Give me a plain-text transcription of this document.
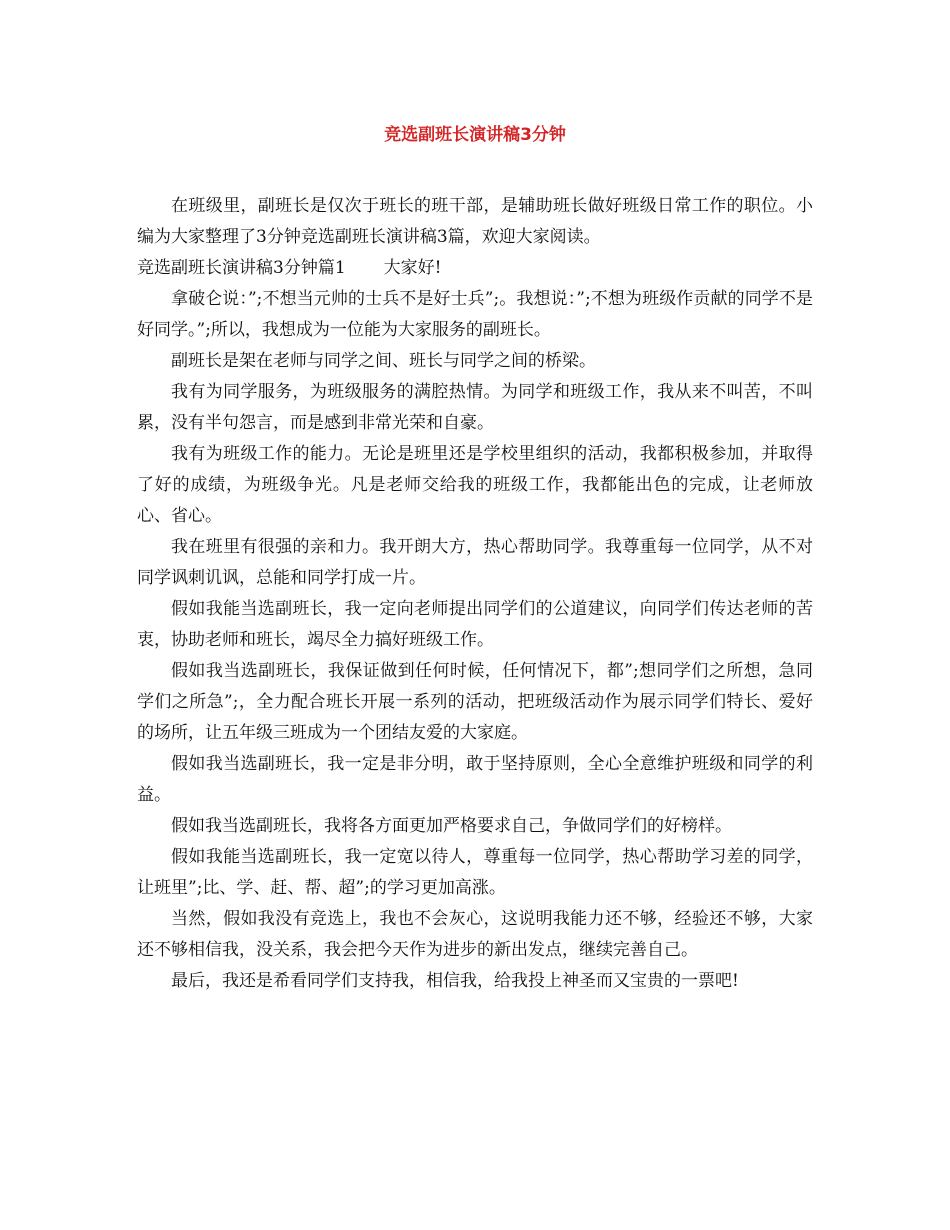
竞选副班长演讲稿3分钟

在班级里，副班长是仅次于班长的班干部，是辅助班长做好班级日常工作的职位。小编为大家整理了3分钟竞选副班长演讲稿3篇，欢迎大家阅读。

竞选副班长演讲稿3分钟篇1 大家好!

拿破仑说：”;不想当元帅的士兵不是好士兵”;。我想说：”;不想为班级作贡献的同学不是好同学。”;所以，我想成为一位能为大家服务的副班长。

副班长是架在老师与同学之间、班长与同学之间的桥梁。

我有为同学服务，为班级服务的满腔热情。为同学和班级工作，我从来不叫苦，不叫累，没有半句怨言，而是感到非常光荣和自豪。

我有为班级工作的能力。无论是班里还是学校里组织的活动，我都积极参加，并取得了好的成绩，为班级争光。凡是老师交给我的班级工作，我都能出色的完成，让老师放心、省心。

我在班里有很强的亲和力。我开朗大方，热心帮助同学。我尊重每一位同学，从不对同学讽刺讥讽，总能和同学打成一片。

假如我能当选副班长，我一定向老师提出同学们的公道建议，向同学们传达老师的苦衷，协助老师和班长，竭尽全力搞好班级工作。

假如我当选副班长，我保证做到任何时候，任何情况下，都”;想同学们之所想，急同学们之所急”;，全力配合班长开展一系列的活动，把班级活动作为展示同学们特长、爱好的场所，让五年级三班成为一个团结友爱的大家庭。

假如我当选副班长，我一定是非分明，敢于坚持原则，全心全意维护班级和同学的利益。

假如我当选副班长，我将各方面更加严格要求自己，争做同学们的好榜样。

假如我能当选副班长，我一定宽以待人，尊重每一位同学，热心帮助学习差的同学，让班里”;比、学、赶、帮、超”;的学习更加高涨。

当然，假如我没有竞选上，我也不会灰心，这说明我能力还不够，经验还不够，大家还不够相信我，没关系，我会把今天作为进步的新出发点，继续完善自己。

最后，我还是希看同学们支持我，相信我，给我投上神圣而又宝贵的一票吧!
